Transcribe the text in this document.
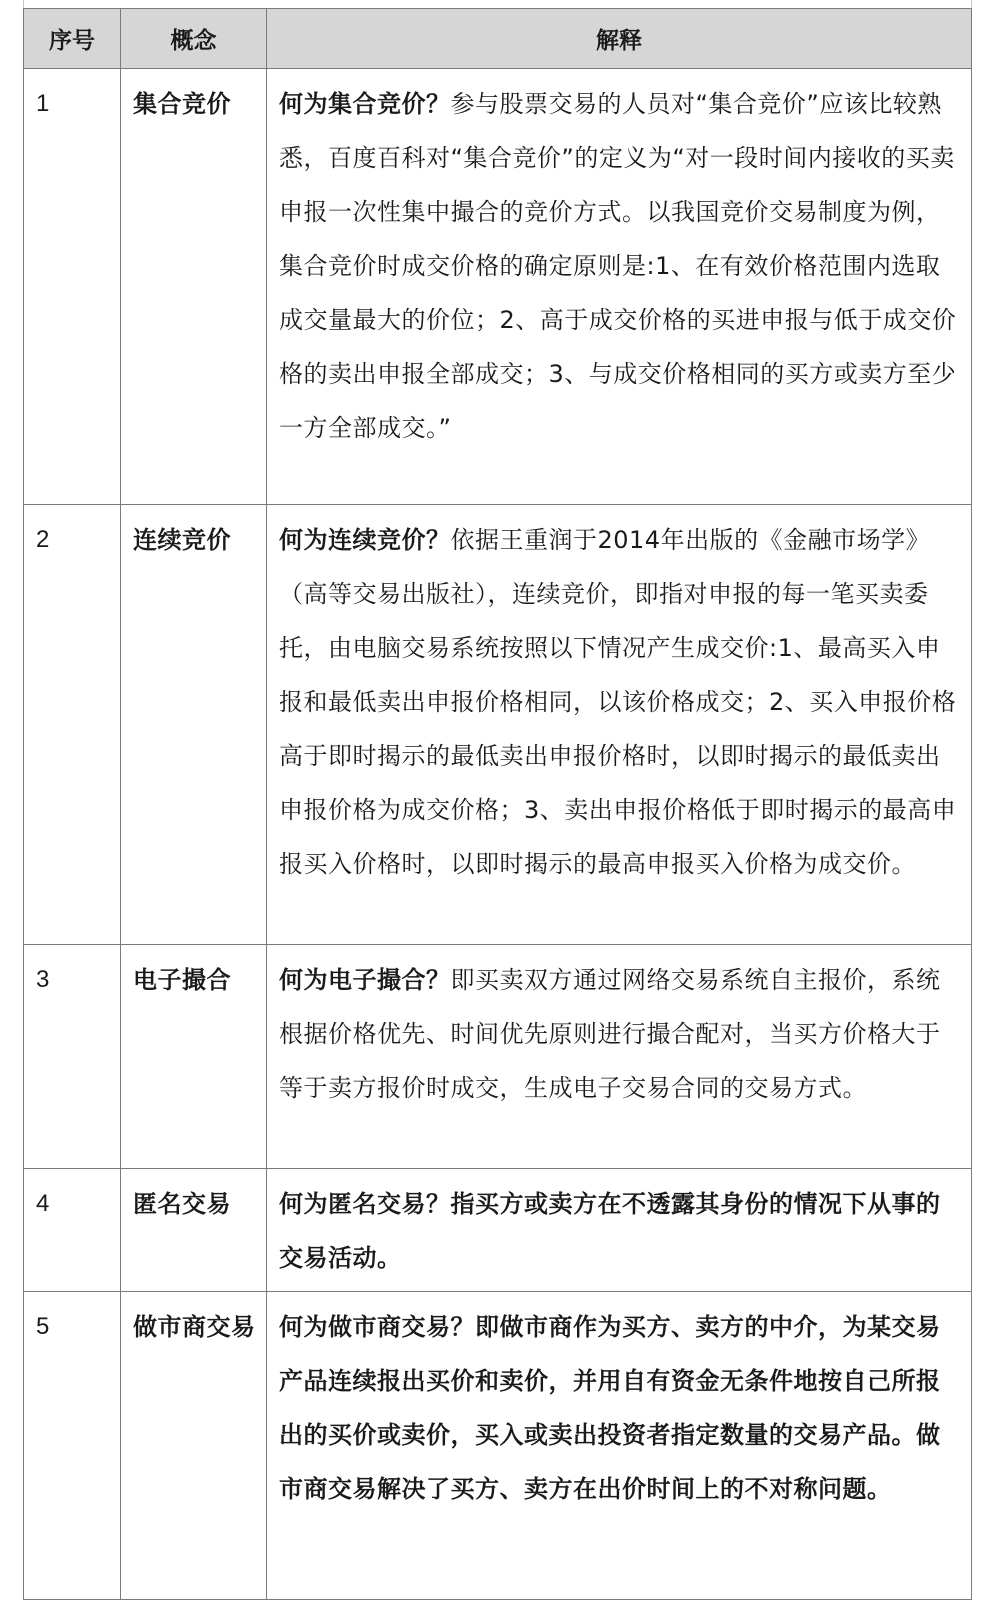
序号	概念	解释
1	集合竞价	何为集合竞价？参与股票交易的人员对“集合竞价”应该比较熟悉，百度百科对“集合竞价”的定义为“对一段时间内接收的买卖申报一次性集中撮合的竞价方式。以我国竞价交易制度为例，集合竞价时成交价格的确定原则是:1、在有效价格范围内选取成交量最大的价位；2、高于成交价格的买进申报与低于成交价格的卖出申报全部成交；3、与成交价格相同的买方或卖方至少一方全部成交。”
2	连续竞价	何为连续竞价？依据王重润于2014年出版的《金融市场学》（高等交易出版社），连续竞价，即指对申报的每一笔买卖委托，由电脑交易系统按照以下情况产生成交价:1、最高买入申报和最低卖出申报价格相同，以该价格成交；2、买入申报价格高于即时揭示的最低卖出申报价格时，以即时揭示的最低卖出申报价格为成交价格；3、卖出申报价格低于即时揭示的最高申报买入价格时，以即时揭示的最高申报买入价格为成交价。
3	电子撮合	何为电子撮合？即买卖双方通过网络交易系统自主报价，系统根据价格优先、时间优先原则进行撮合配对，当买方价格大于等于卖方报价时成交，生成电子交易合同的交易方式。
4	匿名交易	何为匿名交易？指买方或卖方在不透露其身份的情况下从事的交易活动。
5	做市商交易	何为做市商交易？即做市商作为买方、卖方的中介，为某交易产品连续报出买价和卖价，并用自有资金无条件地按自己所报出的买价或卖价，买入或卖出投资者指定数量的交易产品。做市商交易解决了买方、卖方在出价时间上的不对称问题。
